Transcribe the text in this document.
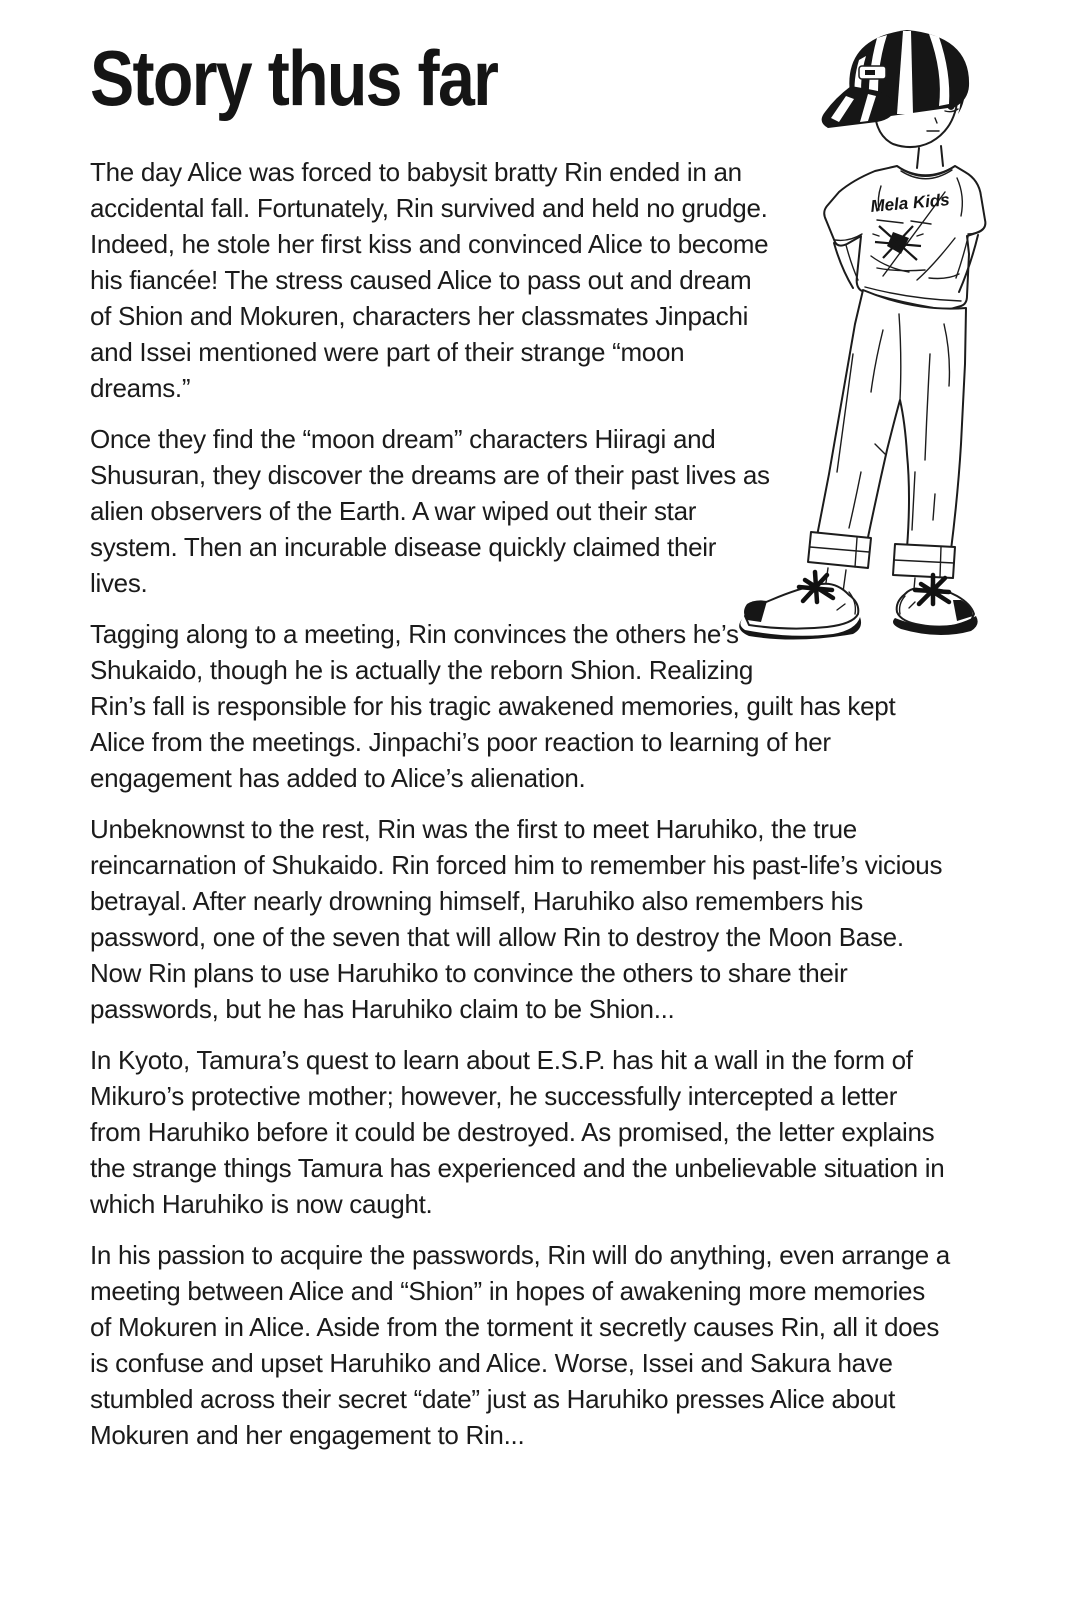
Mela Kids
Story thus far

The day Alice was forced to babysit bratty Rin ended in an accidental fall. Fortunately, Rin survived and held no grudge. Indeed, he stole her first kiss and convinced Alice to become his fiancée! The stress caused Alice to pass out and dream of Shion and Mokuren, characters her classmates Jinpachi and Issei mentioned were part of their strange “moon dreams.”

Once they find the “moon dream” characters Hiiragi and Shusuran, they discover the dreams are of their past lives as alien observers of the Earth. A war wiped out their star system. Then an incurable disease quickly claimed their lives.

Tagging along to a meeting, Rin convinces the others he’s Shukaido, though he is actually the reborn Shion. Realizing Rin’s fall is responsible for his tragic awakened memories, guilt has kept Alice from the meetings. Jinpachi’s poor reaction to learning of her engagement has added to Alice’s alienation.

Unbeknownst to the rest, Rin was the first to meet Haruhiko, the true reincarnation of Shukaido. Rin forced him to remember his past-life’s vicious betrayal. After nearly drowning himself, Haruhiko also remembers his password, one of the seven that will allow Rin to destroy the Moon Base. Now Rin plans to use Haruhiko to convince the others to share their passwords, but he has Haruhiko claim to be Shion...

In Kyoto, Tamura’s quest to learn about E.S.P. has hit a wall in the form of Mikuro’s protective mother; however, he successfully intercepted a letter from Haruhiko before it could be destroyed. As promised, the letter explains the strange things Tamura has experienced and the unbelievable situation in which Haruhiko is now caught.

In his passion to acquire the passwords, Rin will do anything, even arrange a meeting between Alice and “Shion” in hopes of awakening more memories of Mokuren in Alice. Aside from the torment it secretly causes Rin, all it does is confuse and upset Haruhiko and Alice. Worse, Issei and Sakura have stumbled across their secret “date” just as Haruhiko presses Alice about Mokuren and her engagement to Rin...
